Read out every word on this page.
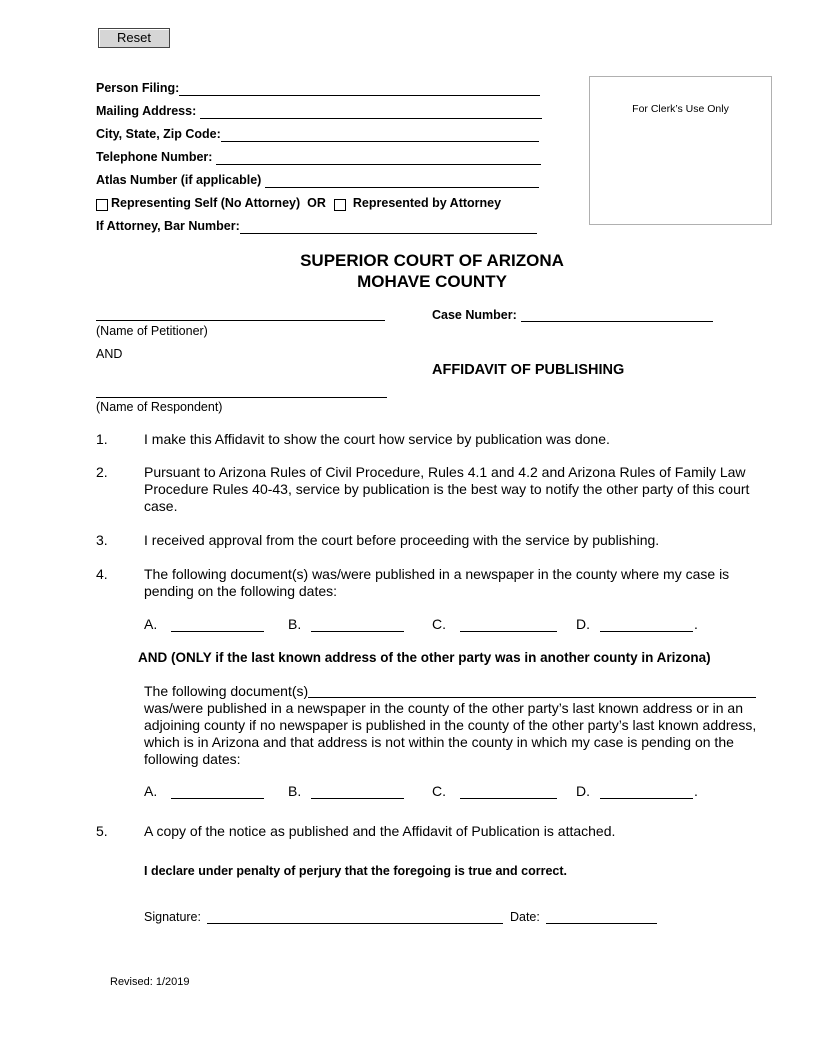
Reset
Person Filing:
Mailing Address:
City, State, Zip Code:
Telephone Number:
Atlas Number (if applicable)
Representing Self (No Attorney) OR Represented by Attorney
If Attorney, Bar Number:
For Clerk’s Use Only
SUPERIOR COURT OF ARIZONA
MOHAVE COUNTY
(Name of Petitioner)
AND
(Name of Respondent)
Case Number:
AFFIDAVIT OF PUBLISHING
1.	I make this Affidavit to show the court how service by publication was done.
2.	Pursuant to Arizona Rules of Civil Procedure, Rules 4.1 and 4.2 and Arizona Rules of Family Law Procedure Rules 40-43, service by publication is the best way to notify the other party of this court case.
3.	I received approval from the court before proceeding with the service by publishing.
4.	The following document(s) was/were published in a newspaper in the county where my case is pending on the following dates:
A.	B.	C.	D.	.
AND (ONLY if the last known address of the other party was in another county in Arizona)
The following document(s) was/were published in a newspaper in the county of the other party’s last known address or in an adjoining county if no newspaper is published in the county of the other party’s last known address, which is in Arizona and that address is not within the county in which my case is pending on the following dates:
A.	B.	C.	D.	.
5.	A copy of the notice as published and the Affidavit of Publication is attached.
I declare under penalty of perjury that the foregoing is true and correct.
Signature:	Date:
Revised: 1/2019
